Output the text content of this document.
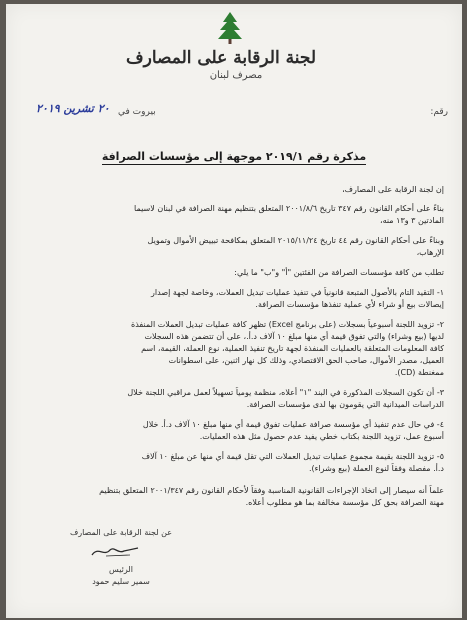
لجنة الرقابة على المصارف
مصرف لبنان
رقم:
بيروت في
٢٠ تشرين ٢٠١٩
مذكرة رقم ٢٠١٩/١ موجهة إلى مؤسسات الصرافة
إن لجنة الرقابة على المصارف،
بناءً على أحكام القانون رقم ٣٤٧ تاريخ ٢٠٠١/٨/٦ المتعلق بتنظيم مهنة الصرافة في لبنان لاسيما
المادتين ٣ و١٣ منه،
وبناءً على أحكام القانون رقم ٤٤ تاريخ ٢٠١٥/١١/٢٤ المتعلق بمكافحة تبييض الأموال وتمويل
الإرهاب،
تطلب من كافة مؤسسات الصرافة من الفئتين "أ" و"ب" ما يلي:
١- التقيد التام بالأصول المتبعة قانونياً في تنفيذ عمليات تبديل العملات، وخاصة لجهة إصدار
إيصالات بيع أو شراء لأي عملية تنفذها مؤسسات الصرافة.
٢- تزويد اللجنة أسبوعياً بسجلات (على برنامج Excel) تظهر كافة عمليات تبديل العملات المنفذة
لديها (بيع وشراء) والتي تفوق قيمة أي منها مبلغ ١٠ آلاف د.أ.، على أن تتضمن هذه السجلات
كافة المعلومات المتعلقة بالعمليات المنفذة لجهة تاريخ تنفيذ العملية، نوع العملة، القيمة، اسم
العميل، مصدر الأموال، صاحب الحق الاقتصادي، وذلك كل نهار اثنين، على اسطوانات
ممغنطة (CD).
٣- أن تكون السجلات المذكورة في البند "١" أعلاه، منظمة يومياً تسهيلاً لعمل مراقبي اللجنة خلال
الدراسات الميدانية التي يقومون بها لدى مؤسسات الصرافة.
٤- في حال عدم تنفيذ أي مؤسسة صرافة عمليات تفوق قيمة أي منها مبلغ ١٠ آلاف د.أ. خلال
أسبوع عمل، تزويد اللجنة بكتاب خطي يفيد عدم حصول مثل هذه العمليات.
٥- تزويد اللجنة بقيمة مجموع عمليات تبديل العملات التي تقل قيمة أي منها عن مبلغ ١٠ آلاف
د.أ. مفصلة وفقاً لنوع العملة (بيع وشراء).
علماً أنه سيصار إلى اتخاذ الإجراءات القانونية المناسبة وفقاً لأحكام القانون رقم ٢٠٠١/٣٤٧ المتعلق بتنظيم
مهنة الصرافة بحق كل مؤسسة مخالفة بما هو مطلوب أعلاه.
عن لجنة الرقابة على المصارف
الرئيس
سمير سليم حمود
